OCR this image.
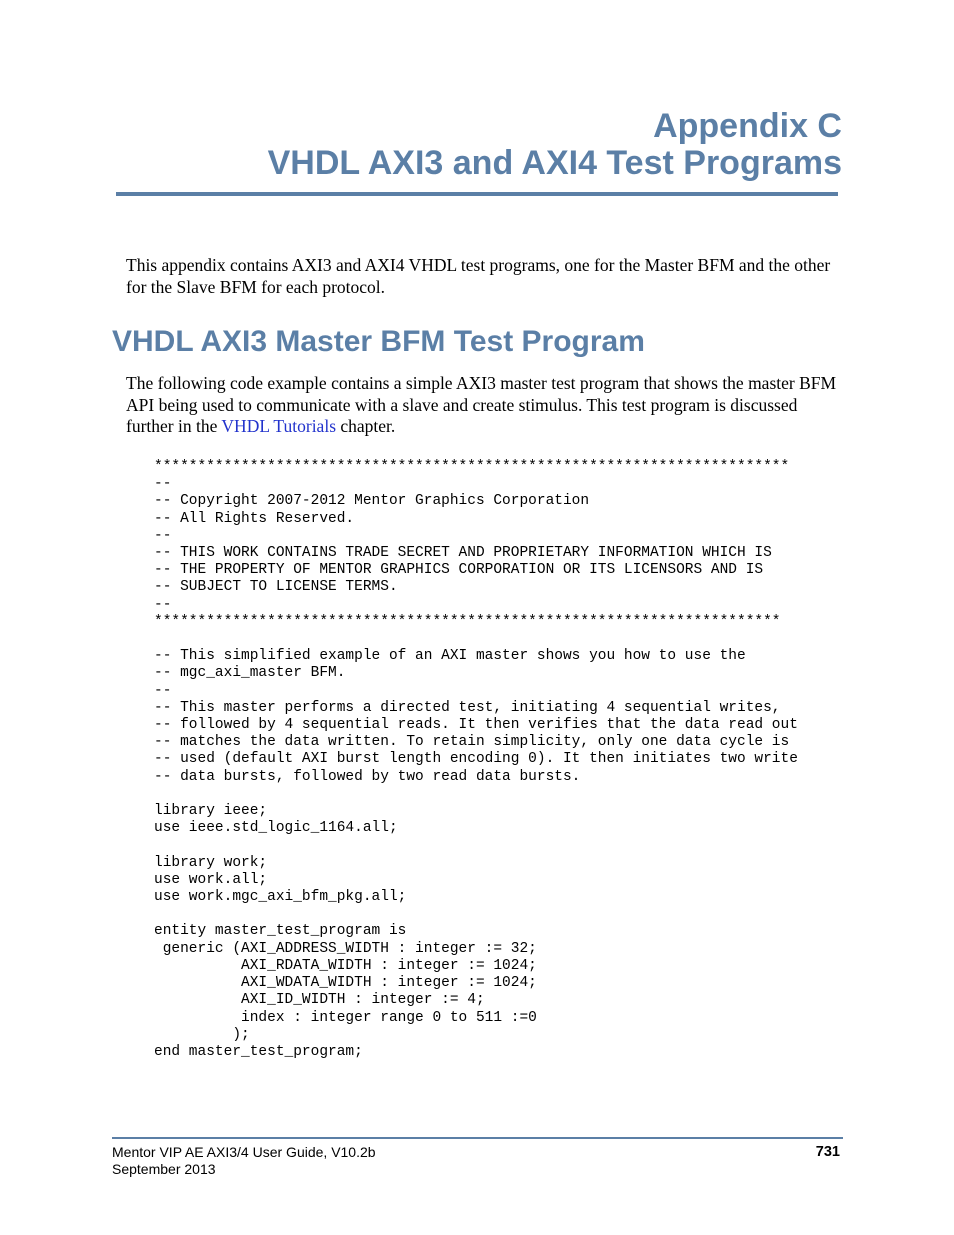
Appendix C
VHDL AXI3 and AXI4 Test Programs

This appendix contains AXI3 and AXI4 VHDL test programs, one for the Master BFM and the other for the Slave BFM for each protocol.

VHDL AXI3 Master BFM Test Program

The following code example contains a simple AXI3 master test program that shows the master BFM API being used to communicate with a slave and create stimulus. This test program is discussed further in the VHDL Tutorials chapter.

*************************************************************************
--
-- Copyright 2007-2012 Mentor Graphics Corporation
-- All Rights Reserved.
--
-- THIS WORK CONTAINS TRADE SECRET AND PROPRIETARY INFORMATION WHICH IS
-- THE PROPERTY OF MENTOR GRAPHICS CORPORATION OR ITS LICENSORS AND IS
-- SUBJECT TO LICENSE TERMS.
--
************************************************************************

-- This simplified example of an AXI master shows you how to use the
-- mgc_axi_master BFM.
--
-- This master performs a directed test, initiating 4 sequential writes,
-- followed by 4 sequential reads. It then verifies that the data read out
-- matches the data written. To retain simplicity, only one data cycle is
-- used (default AXI burst length encoding 0). It then initiates two write
-- data bursts, followed by two read data bursts.

library ieee;
use ieee.std_logic_1164.all;

library work;
use work.all;
use work.mgc_axi_bfm_pkg.all;

entity master_test_program is
generic (AXI_ADDRESS_WIDTH : integer := 32;
AXI_RDATA_WIDTH : integer := 1024;
AXI_WDATA_WIDTH : integer := 1024;
AXI_ID_WIDTH : integer := 4;
index : integer range 0 to 511 :=0
);
end master_test_program;
Mentor VIP AE AXI3/4 User Guide, V10.2b
September 2013
731
